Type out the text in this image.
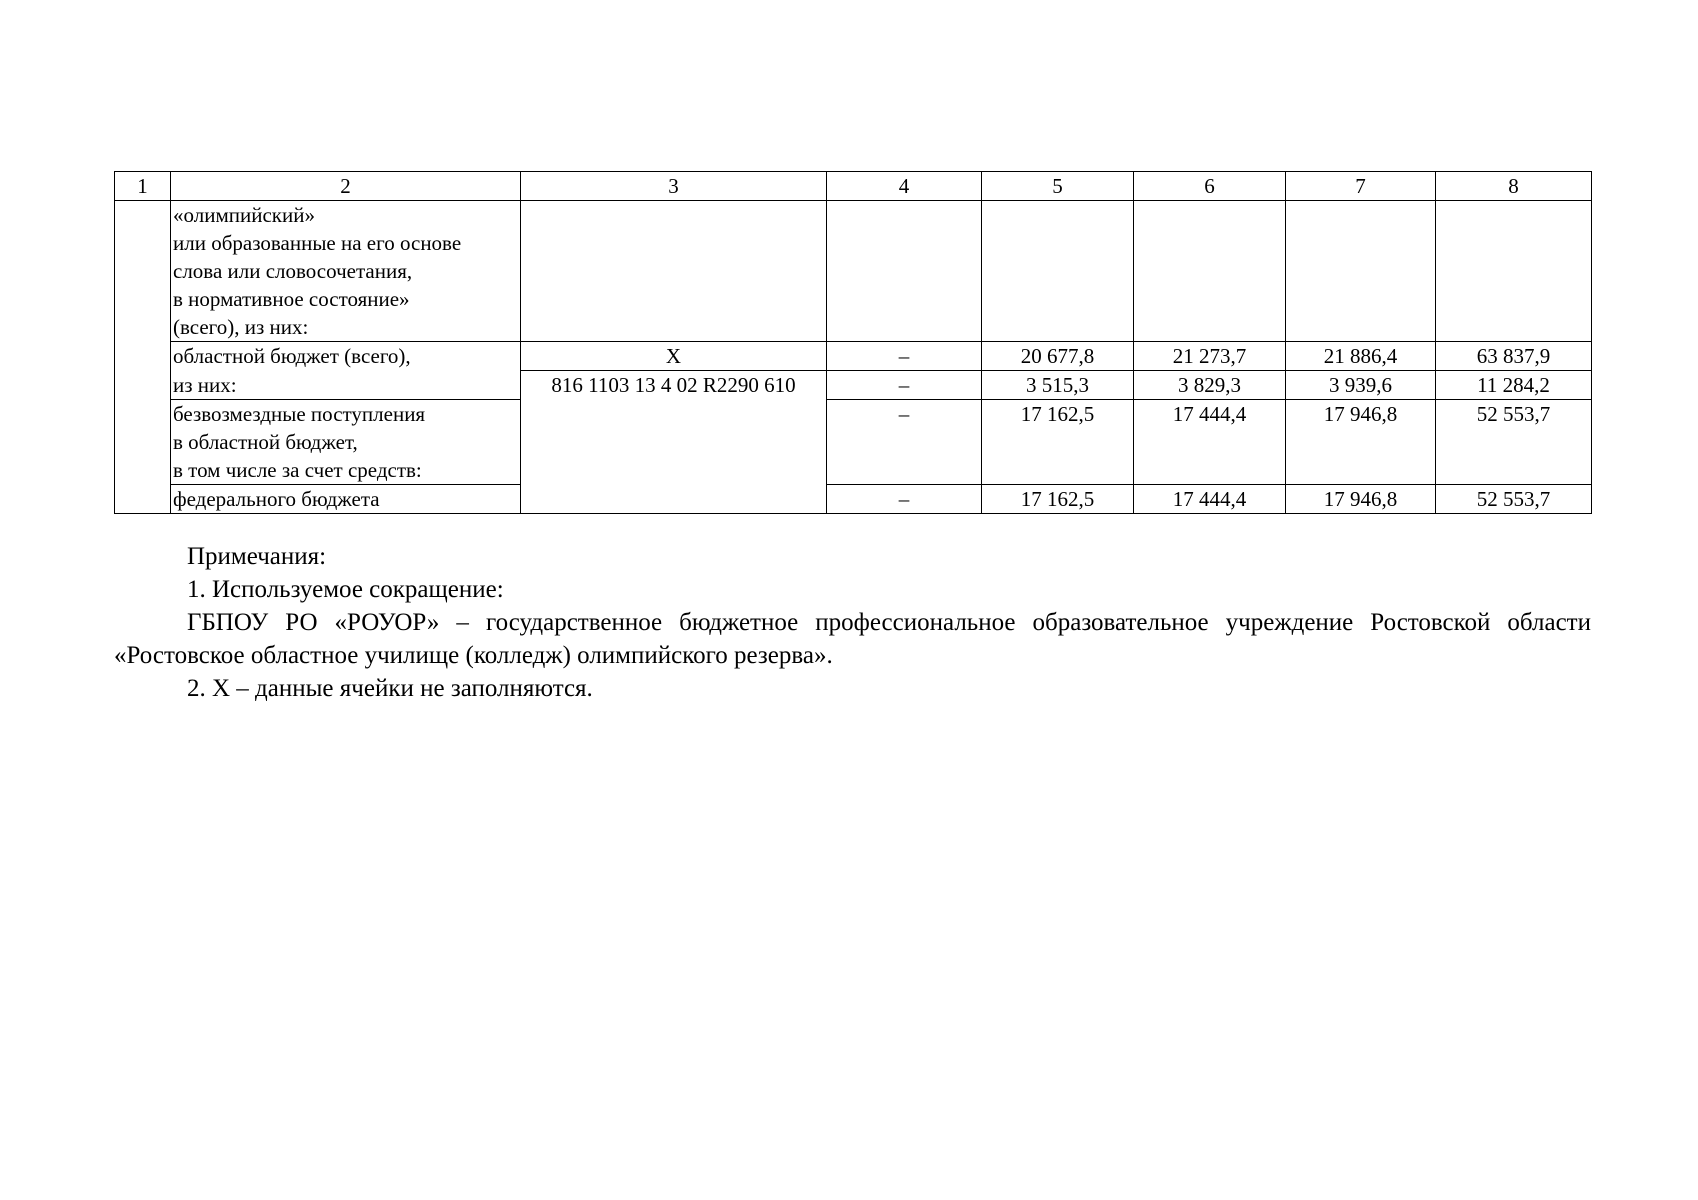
1	2	3	4	5	6	7	8

	«олимпийский»
или образованные на его основе
слова или словосочетания,
в нормативное состояние»
(всего), из них:						

	областной бюджет (всего),	X	–	20 677,8	21 273,7	21 886,4	63 837,9
	из них:	816 1103 13 4 02 R2290 610	–	3 515,3	3 829,3	3 939,6	11 284,2

	безвозмездные поступления
в областной бюджет,
в том числе за счет средств:		–	17 162,5	17 444,4	17 946,8	52 553,7
	федерального бюджета		–	17 162,5	17 444,4	17 946,8	52 553,7

Примечания:

1. Используемое сокращение:

ГБПОУ РО «РОУОР» – государственное бюджетное профессиональное образовательное учреждение Ростовской области «Ростовское областное училище (колледж) олимпийского резерва».

2. X – данные ячейки не заполняются.
